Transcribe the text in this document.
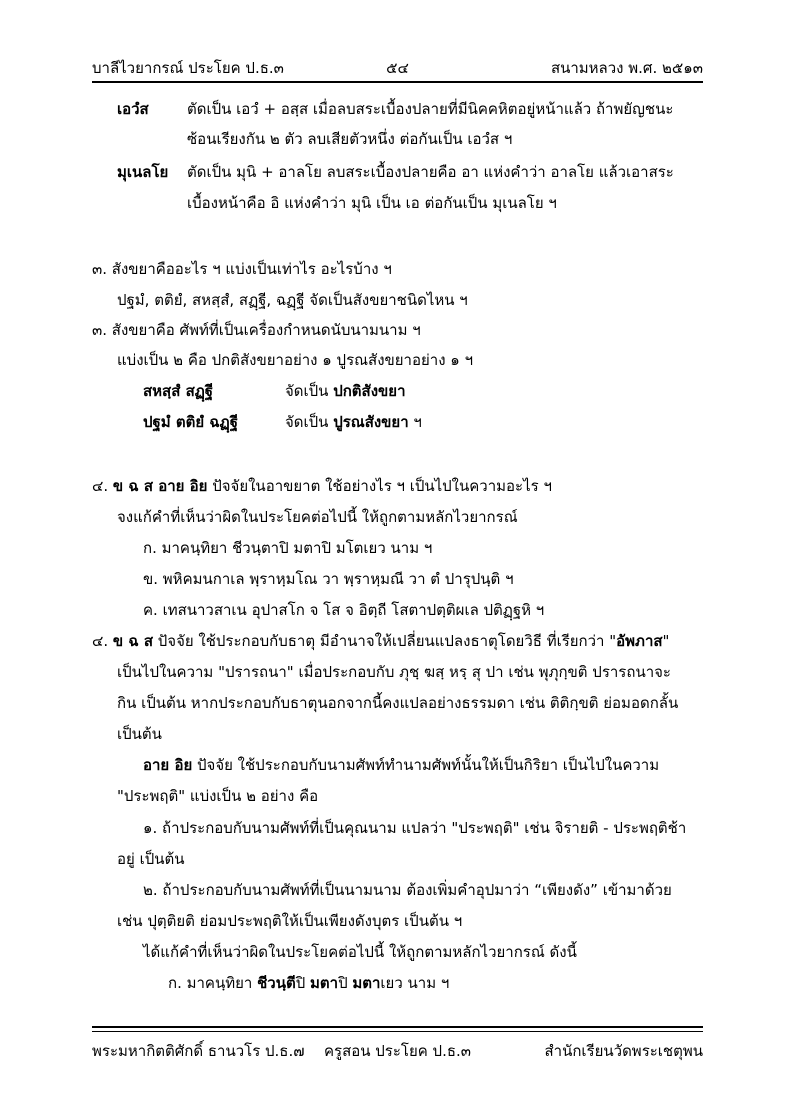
บาลีไวยากรณ์ ประโยค ป.ธ.๓	๕๔	สนามหลวง พ.ศ. ๒๕๑๓
เอวํส	ตัดเป็น เอวํ + อสฺส เมื่อลบสระเบื้องปลายที่มีนิคคหิตอยู่หน้าแล้ว ถ้าพยัญชนะ
ซ้อนเรียงกัน ๒ ตัว ลบเสียตัวหนึ่ง ต่อกันเป็น เอวํส ฯ
มุเนลโย ตัดเป็น มุนิ + อาลโย ลบสระเบื้องปลายคือ อา แห่งคำว่า อาลโย แล้วเอาสระ
เบื้องหน้าคือ อิ แห่งคำว่า มุนิ เป็น เอ ต่อกันเป็น มุเนลโย ฯ
๓. สังขยาคืออะไร ฯ แบ่งเป็นเท่าไร อะไรบ้าง ฯ
ปฐมํ, ตติยํ, สหสฺสํ, สฏฺฐี, ฉฏฺฐี จัดเป็นสังขยาชนิดไหน ฯ
๓. สังขยาคือ ศัพท์ที่เป็นเครื่องกำหนดนับนามนาม ฯ
แบ่งเป็น ๒ คือ ปกติสังขยาอย่าง ๑ ปูรณสังขยาอย่าง ๑ ฯ
สหสฺสํ สฏฺฐี	จัดเป็น ปกติสังขยา
ปฐมํ ตติยํ ฉฏฺฐี	จัดเป็น ปูรณสังขยา ฯ
๔. ข ฉ ส อาย อิย ปัจจัยในอาขยาต ใช้อย่างไร ฯ เป็นไปในความอะไร ฯ
จงแก้คำที่เห็นว่าผิดในประโยคต่อไปนี้ ให้ถูกตามหลักไวยากรณ์
ก. มาคนฺทิยา ชีวนฺตาปิ มตาปิ มโตเยว นาม ฯ
ข. พหิคมนกาเล พฺราหฺมโณ วา พฺราหฺมณี วา ตํ ปารุปนฺติ ฯ
ค. เทสนาวสาเน อุปาสโก จ โส จ อิตฺถี โสตาปตฺติผเล ปติฏฺฐหิ ฯ
๔. ข ฉ ส ปัจจัย ใช้ประกอบกับธาตุ มีอำนาจให้เปลี่ยนแปลงธาตุโดยวิธี ที่เรียกว่า "อัพภาส"
เป็นไปในความ "ปรารถนา" เมื่อประกอบกับ ภุชฺ ฆสฺ หรฺ สุ ปา เช่น พุภุกฺขติ ปรารถนาจะ
กิน เป็นต้น หากประกอบกับธาตุนอกจากนี้คงแปลอย่างธรรมดา เช่น ติติกฺขติ ย่อมอดกลั้น
เป็นต้น
อาย อิย ปัจจัย ใช้ประกอบกับนามศัพท์ทำนามศัพท์นั้นให้เป็นกิริยา เป็นไปในความ
"ประพฤติ" แบ่งเป็น ๒ อย่าง คือ
๑. ถ้าประกอบกับนามศัพท์ที่เป็นคุณนาม แปลว่า "ประพฤติ" เช่น จิรายติ - ประพฤติช้า
อยู่ เป็นต้น
๒. ถ้าประกอบกับนามศัพท์ที่เป็นนามนาม ต้องเพิ่มคำอุปมาว่า “เพียงดัง” เข้ามาด้วย
เช่น ปุตฺติยติ ย่อมประพฤติให้เป็นเพียงดังบุตร เป็นต้น ฯ
ได้แก้คำที่เห็นว่าผิดในประโยคต่อไปนี้ ให้ถูกตามหลักไวยากรณ์ ดังนี้
ก. มาคนฺทิยา ชีวนฺตีปิ มตาปิ มตาเยว นาม ฯ
พระมหากิตติศักดิ์ ธานวโร ป.ธ.๗	ครูสอน ประโยค ป.ธ.๓	สำนักเรียนวัดพระเชตุพน
